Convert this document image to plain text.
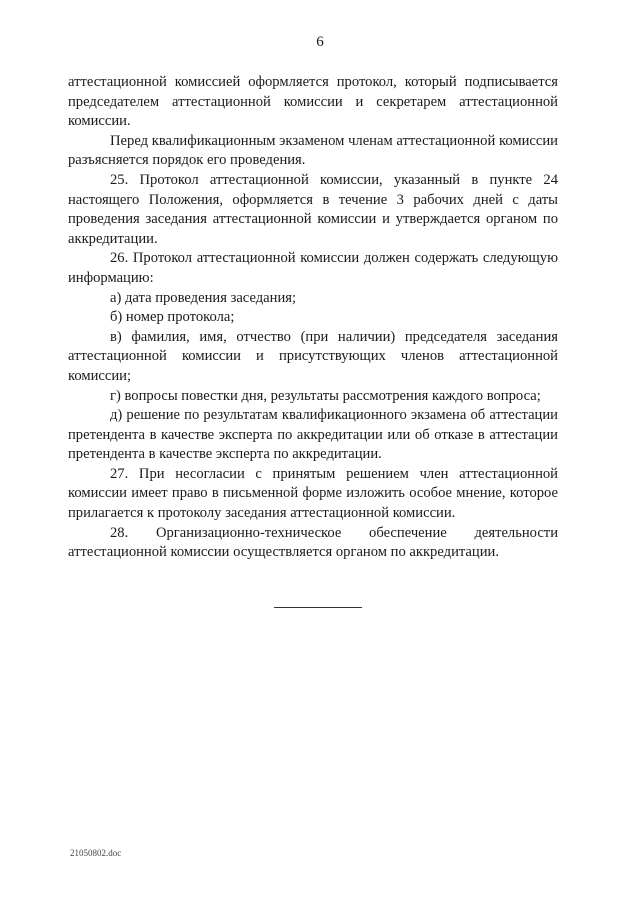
6

аттестационной комиссией оформляется протокол, который подписывается председателем аттестационной комиссии и секретарем аттестационной комиссии.

Перед квалификационным экзаменом членам аттестационной комиссии разъясняется порядок его проведения.

25. Протокол аттестационной комиссии, указанный в пункте 24 настоящего Положения, оформляется в течение 3 рабочих дней с даты проведения заседания аттестационной комиссии и утверждается органом по аккредитации.

26. Протокол аттестационной комиссии должен содержать следующую информацию:

а) дата проведения заседания;

б) номер протокола;

в) фамилия, имя, отчество (при наличии) председателя заседания аттестационной комиссии и присутствующих членов аттестационной комиссии;

г) вопросы повестки дня, результаты рассмотрения каждого вопроса;

д) решение по результатам квалификационного экзамена об аттестации претендента в качестве эксперта по аккредитации или об отказе в аттестации претендента в качестве эксперта по аккредитации.

27. При несогласии с принятым решением член аттестационной комиссии имеет право в письменной форме изложить особое мнение, которое прилагается к протоколу заседания аттестационной комиссии.

28. Организационно-техническое обеспечение деятельности аттестационной комиссии осуществляется органом по аккредитации.

21050802.doc
